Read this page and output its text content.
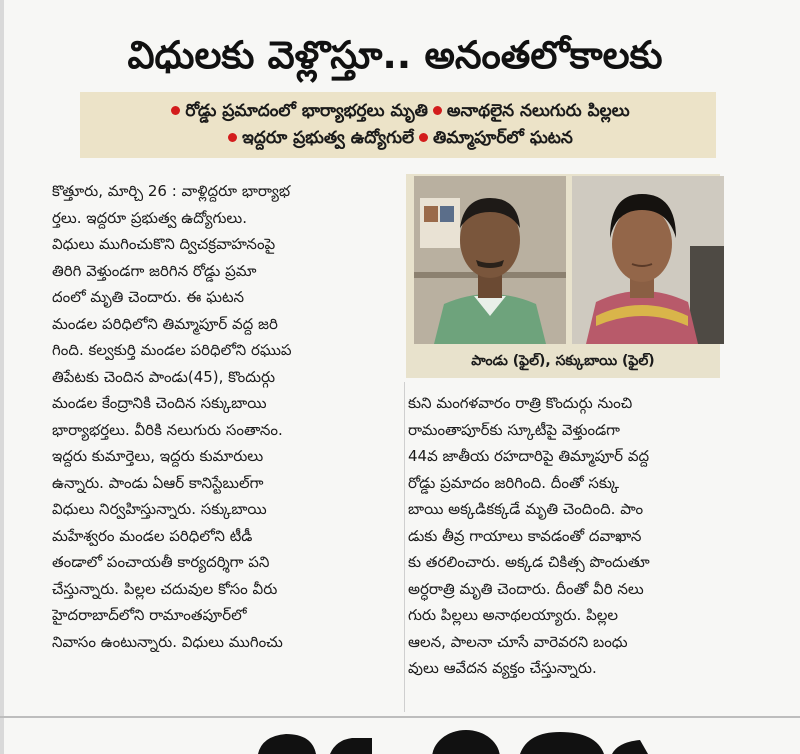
విధులకు వెళ్లొస్తూ.. అనంతలోకాలకు
రోడ్డు ప్రమాదంలో భార్యాభర్తలు మృతి అనాథలైన నలుగురు పిల్లలు
ఇద్దరూ ప్రభుత్వ ఉద్యోగులే తిమ్మాపూర్‌లో ఘటన
పాండు (ఫైల్), సక్కుబాయి (ఫైల్)
కొత్తూరు, మార్చి 26 : వాళ్లిద్దరూ భార్యాభ
ర్తలు. ఇద్దరూ ప్రభుత్వ ఉద్యోగులు.
విధులు ముగించుకొని ద్విచక్రవాహనంపై
తిరిగి వెళ్తుండగా జరిగిన రోడ్డు ప్రమా
దంలో మృతి చెందారు. ఈ ఘటన
మండల పరిధిలోని తిమ్మాపూర్ వద్ద జరి
గింది. కల్వకుర్తి మండల పరిధిలోని రఘుప
తిపేటకు చెందిన పాండు(45), కొందుర్గు
మండల కేంద్రానికి చెందిన సక్కుబాయి
భార్యాభర్తలు. వీరికి నలుగురు సంతానం.
ఇద్దరు కుమార్తెలు, ఇద్దరు కుమారులు
ఉన్నారు. పాండు ఏఆర్ కానిస్టేబుల్‌గా
విధులు నిర్వహిస్తున్నారు. సక్కుబాయి
మహేశ్వరం మండల పరిధిలోని టీడీ
తండాలో పంచాయతీ కార్యదర్శిగా పని
చేస్తున్నారు. పిల్లల చదువుల కోసం వీరు
హైదరాబాద్‌లోని రామాంతపూర్‌లో
నివాసం ఉంటున్నారు. విధులు ముగించు
కుని మంగళవారం రాత్రి కొందుర్గు నుంచి
రామంతాపూర్‌కు స్కూటీపై వెళ్తుండగా
44వ జాతీయ రహదారిపై తిమ్మాపూర్ వద్ద
రోడ్డు ప్రమాదం జరిగింది. దీంతో సక్కు
బాయి అక్కడికక్కడే మృతి చెందింది. పాం
డుకు తీవ్ర గాయాలు కావడంతో దవాఖాన
కు తరలించారు. అక్కడ చికిత్స పొందుతూ
అర్ధరాత్రి మృతి చెందారు. దీంతో వీరి నలు
గురు పిల్లలు అనాథలయ్యారు. పిల్లల
ఆలన, పాలనా చూసే వారెవరని బంధు
వులు ఆవేదన వ్యక్తం చేస్తున్నారు.
